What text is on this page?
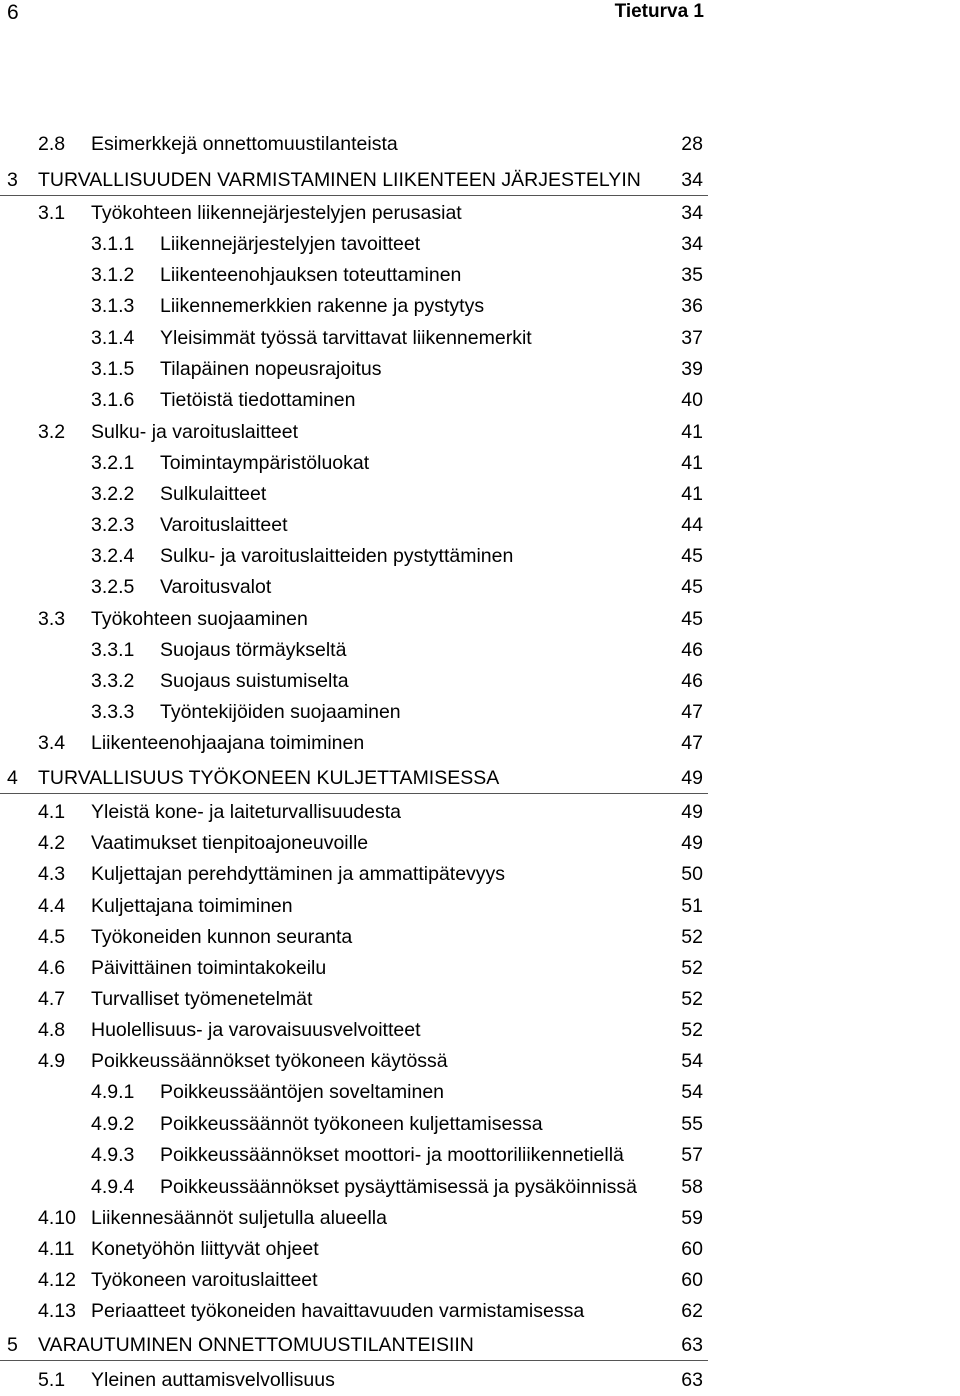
6	Tieturva 1
2.8 Esimerkkejä onnettomuustilanteista	28
3 TURVALLISUUDEN VARMISTAMINEN LIIKENTEEN JÄRJESTELYIN 34
3.1 Työkohteen liikennejärjestelyjen perusasiat	34
3.1.1 Liikennejärjestelyjen tavoitteet	34
3.1.2 Liikenteenohjauksen toteuttaminen	35
3.1.3 Liikennemerkkien rakenne ja pystytys	36
3.1.4 Yleisimmät työssä tarvittavat liikennemerkit	37
3.1.5 Tilapäinen nopeusrajoitus	39
3.1.6 Tietöistä tiedottaminen	40
3.2 Sulku- ja varoituslaitteet	41
3.2.1 Toimintaympäristöluokat	41
3.2.2 Sulkulaitteet	41
3.2.3 Varoituslaitteet	44
3.2.4 Sulku- ja varoituslaitteiden pystyttäminen	45
3.2.5 Varoitusvalot	45
3.3 Työkohteen suojaaminen	45
3.3.1 Suojaus törmäykseltä	46
3.3.2 Suojaus suistumiselta	46
3.3.3 Työntekijöiden suojaaminen	47
3.4 Liikenteenohjaajana toimiminen	47
4 TURVALLISUUS TYÖKONEEN KULJETTAMISESSA	49
4.1 Yleistä kone- ja laiteturvallisuudesta	49
4.2 Vaatimukset tienpitoajoneuvoille	49
4.3 Kuljettajan perehdyttäminen ja ammattipätevyys	50
4.4 Kuljettajana toimiminen	51
4.5 Työkoneiden kunnon seuranta	52
4.6 Päivittäinen toimintakokeilu	52
4.7 Turvalliset työmenetelmät	52
4.8 Huolellisuus- ja varovaisuusvelvoitteet	52
4.9 Poikkeussäännökset työkoneen käytössä	54
4.9.1 Poikkeussääntöjen soveltaminen	54
4.9.2 Poikkeussäännöt työkoneen kuljettamisessa	55
4.9.3 Poikkeussäännökset moottori- ja moottoriliikennetiellä	57
4.9.4 Poikkeussäännökset pysäyttämisessä ja pysäköinnissä 58
4.10 Liikennesäännöt suljetulla alueella	59
4.11 Konetyöhön liittyvät ohjeet	60
4.12 Työkoneen varoituslaitteet	60
4.13 Periaatteet työkoneiden havaittavuuden varmistamisessa	62
5 VARAUTUMINEN ONNETTOMUUSTILANTEISIIN	63
5.1 Yleinen auttamisvelvollisuus	63
